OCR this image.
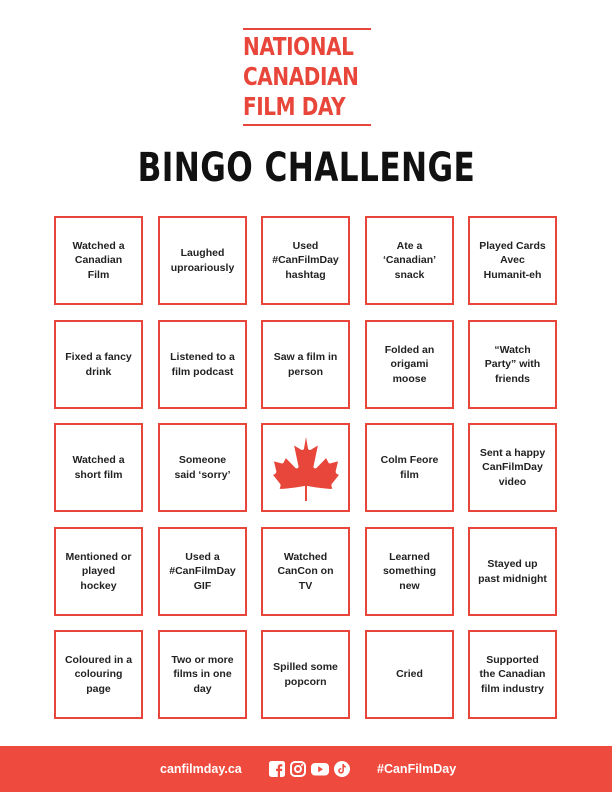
NATIONAL
CANADIAN
FILM DAY
BINGO CHALLENGE
Watched a Canadian Film
Laughed uproariously
Used #CanFilmDay hashtag
Ate a ‘Canadian’ snack
Played Cards Avec Humanit-eh
Fixed a fancy drink
Listened to a film podcast
Saw a film in person
Folded an origami moose
“Watch Party” with friends
Watched a short film
Someone said ‘sorry’
Colm Feore film
Sent a happy CanFilmDay video
Mentioned or played hockey
Used a #CanFilmDay GIF
Watched CanCon on TV
Learned something new
Stayed up past midnight
Coloured in a colouring page
Two or more films in one day
Spilled some popcorn
Cried
Supported the Canadian film industry
canfilmday.ca	#CanFilmDay
